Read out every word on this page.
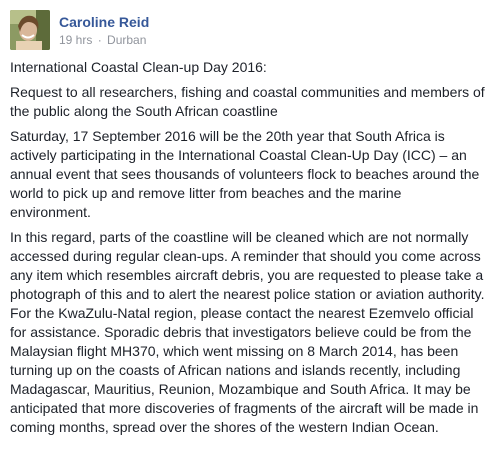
Caroline Reid
19 hrs · Durban

International Coastal Clean-up Day 2016:

Request to all researchers, fishing and coastal communities and members of the public along the South African coastline

Saturday, 17 September 2016 will be the 20th year that South Africa is actively participating in the International Coastal Clean-Up Day (ICC) – an annual event that sees thousands of volunteers flock to beaches around the world to pick up and remove litter from beaches and the marine environment.

In this regard, parts of the coastline will be cleaned which are not normally accessed during regular clean-ups. A reminder that should you come across any item which resembles aircraft debris, you are requested to please take a photograph of this and to alert the nearest police station or aviation authority. For the KwaZulu-Natal region, please contact the nearest Ezemvelo official for assistance. Sporadic debris that investigators believe could be from the Malaysian flight MH370, which went missing on 8 March 2014, has been turning up on the coasts of African nations and islands recently, including Madagascar, Mauritius, Reunion, Mozambique and South Africa. It may be anticipated that more discoveries of fragments of the aircraft will be made in coming months, spread over the shores of the western Indian Ocean.
